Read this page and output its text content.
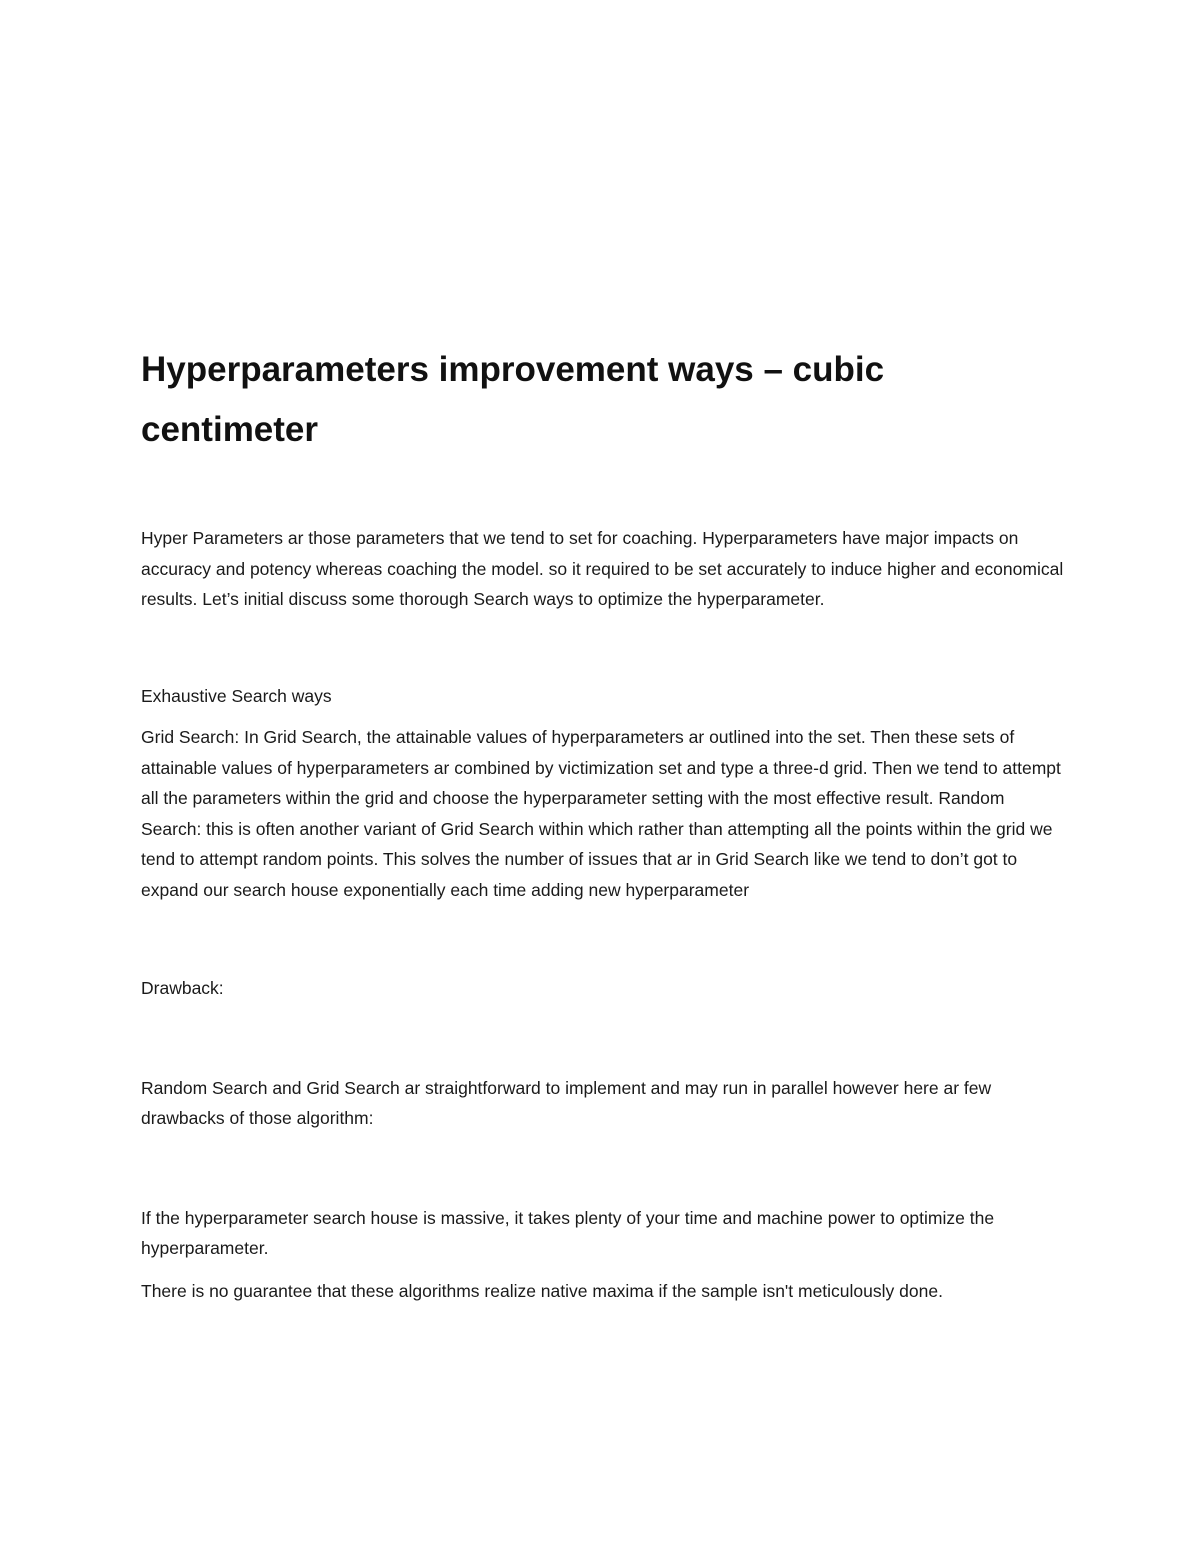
Hyperparameters improvement ways – cubic centimeter

Hyper Parameters ar those parameters that we tend to set for coaching. Hyperparameters have major impacts on accuracy and potency whereas coaching the model. so it required to be set accurately to induce higher and economical results. Let’s initial discuss some thorough Search ways to optimize the hyperparameter.

Exhaustive Search ways

Grid Search: In Grid Search, the attainable values of hyperparameters ar outlined into the set. Then these sets of attainable values of hyperparameters ar combined by victimization set and type a three-d grid. Then we tend to attempt all the parameters within the grid and choose the hyperparameter setting with the most effective result. Random Search: this is often another variant of Grid Search within which rather than attempting all the points within the grid we tend to attempt random points. This solves the number of issues that ar in Grid Search like we tend to don’t got to expand our search house exponentially each time adding new hyperparameter

Drawback:

Random Search and Grid Search ar straightforward to implement and may run in parallel however here ar few drawbacks of those algorithm:

If the hyperparameter search house is massive, it takes plenty of your time and machine power to optimize the hyperparameter.

There is no guarantee that these algorithms realize native maxima if the sample isn't meticulously done.
